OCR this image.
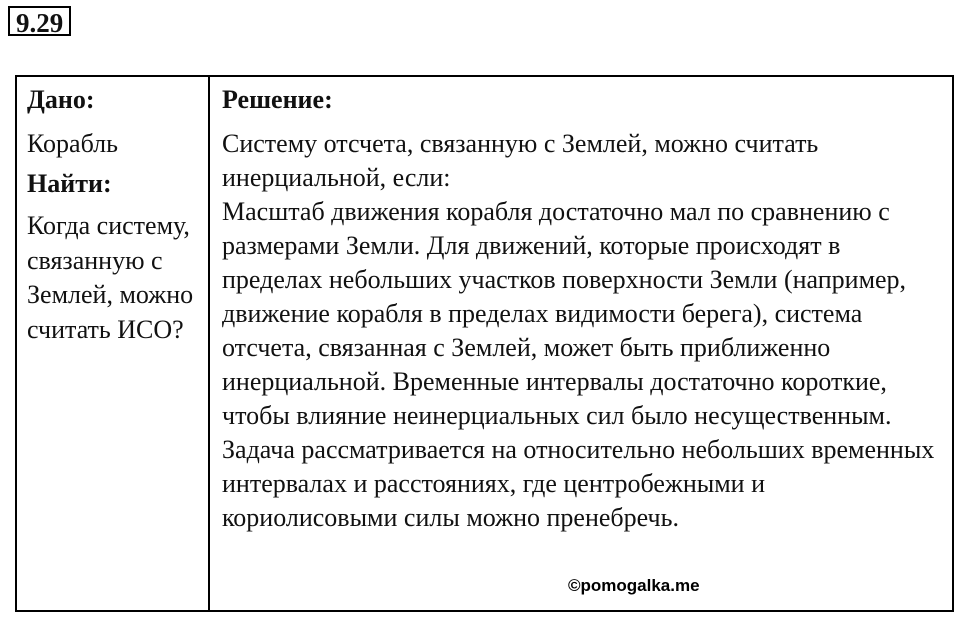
9.29
Дано:
Корабль
Найти:
Когда систему, связанную с Землей, можно считать ИСО?
Решение:

Систему отсчета, связанную с Землей, можно считать инерциальной, если:

Масштаб движения корабля достаточно мал по сравнению с размерами Земли. Для движений, которые происходят в пределах небольших участков поверхности Земли (например, движение корабля в пределах видимости берега), система отсчета, связанная с Землей, может быть приближенно инерциальной. Временные интервалы достаточно короткие, чтобы влияние неинерциальных сил было несущественным. Задача рассматривается на относительно небольших временных интервалах и расстояниях, где центробежными и кориолисовыми силы можно пренебречь.

©pomogalka.me
